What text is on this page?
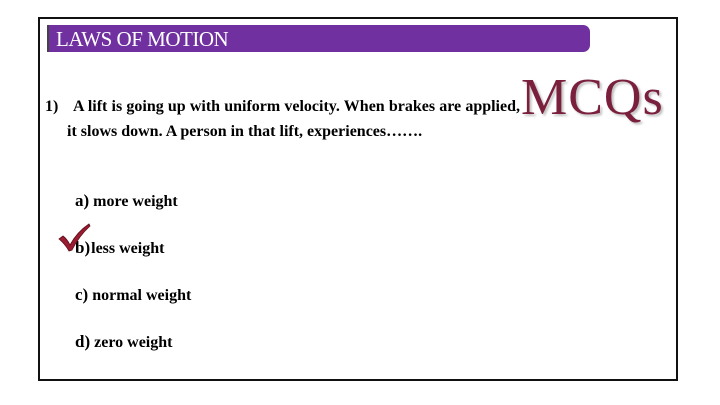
LAWS OF MOTION
MCQs
1) A lift is going up with uniform velocity. When brakes are applied, it slows down. A person in that lift, experiences…….
a) more weight
b) less weight
c) normal weight
d) zero weight
